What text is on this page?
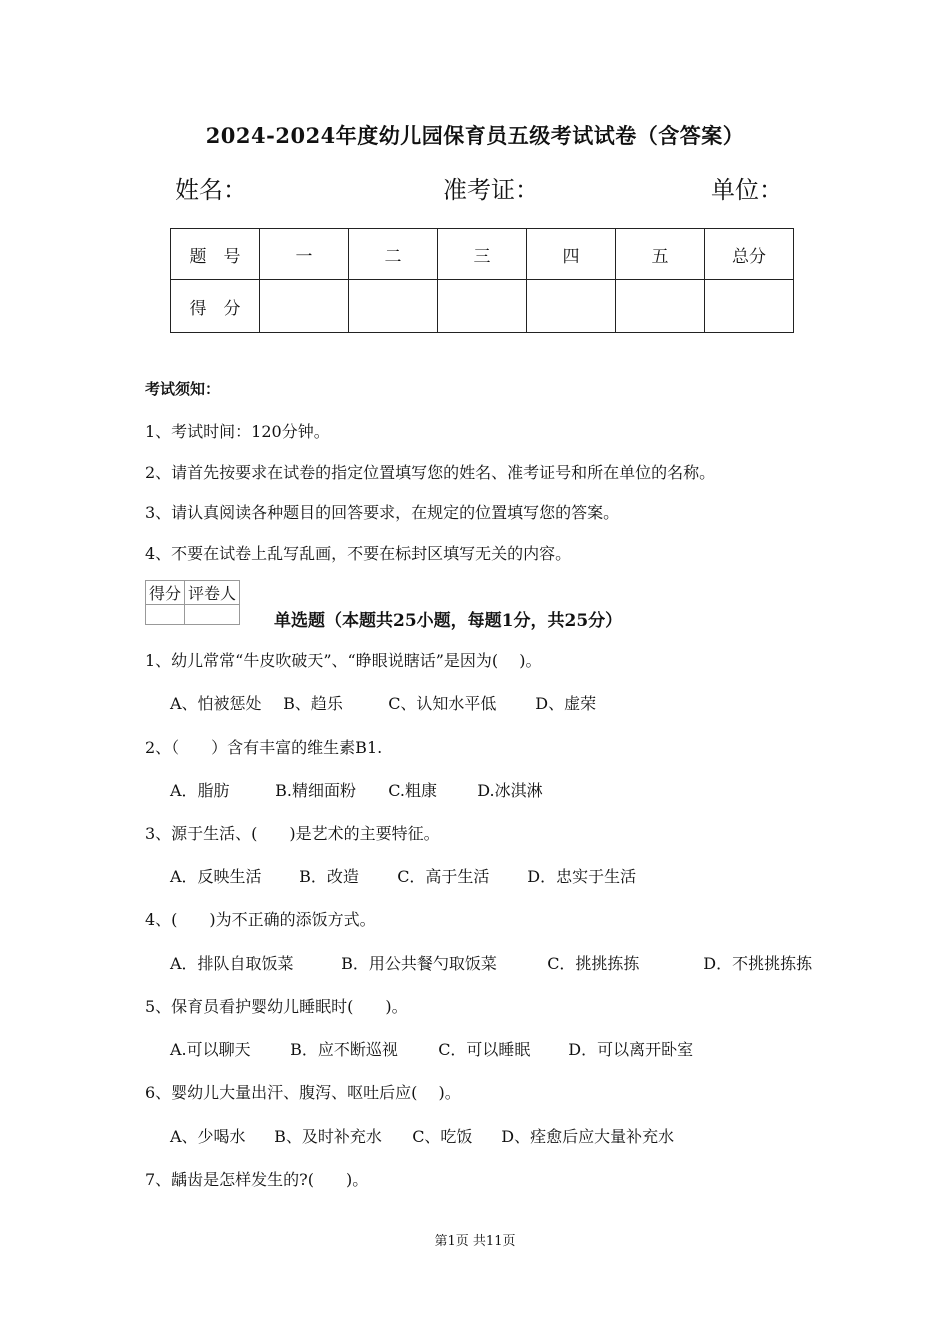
2024-2024年度幼儿园保育员五级考试试卷（含答案）
姓名：	准考证：	单位：
题　号	一	二	三	四	五	总分
得　分						
考试须知：
1、考试时间：120分钟。
2、请首先按要求在试卷的指定位置填写您的姓名、准考证号和所在单位的名称。
3、请认真阅读各种题目的回答要求，在规定的位置填写您的答案。
4、不要在试卷上乱写乱画，不要在标封区填写无关的内容。
得分	评卷人

单选题（本题共25小题，每题1分，共25分）
1、幼儿常常“牛皮吹破天”、“睁眼说瞎话”是因为(　 )。
A、怕被惩处 B、趋乐	C、认知水平低 D、虚荣
2、（　　）含有丰富的维生素B1.
A．脂肪	B.精细面粉 C.粗康	D.冰淇淋
3、源于生活、(　　)是艺术的主要特征。
A．反映生活 B．改造 C．高于生活 D．忠实于生活
4、(　　)为不正确的添饭方式。
A．排队自取饭菜	B．用公共餐勺取饭菜	C．挑挑拣拣	D．不挑挑拣拣
5、保育员看护婴幼儿睡眠时(　　)。
A.可以聊天 B．应不断巡视	C．可以睡眠 D．可以离开卧室
6、婴幼儿大量出汗、腹泻、呕吐后应(　 )。
A、少喝水 B、及时补充水 C、吃饭 D、痊愈后应大量补充水
7、龋齿是怎样发生的?(　　)。
第1页 共11页
